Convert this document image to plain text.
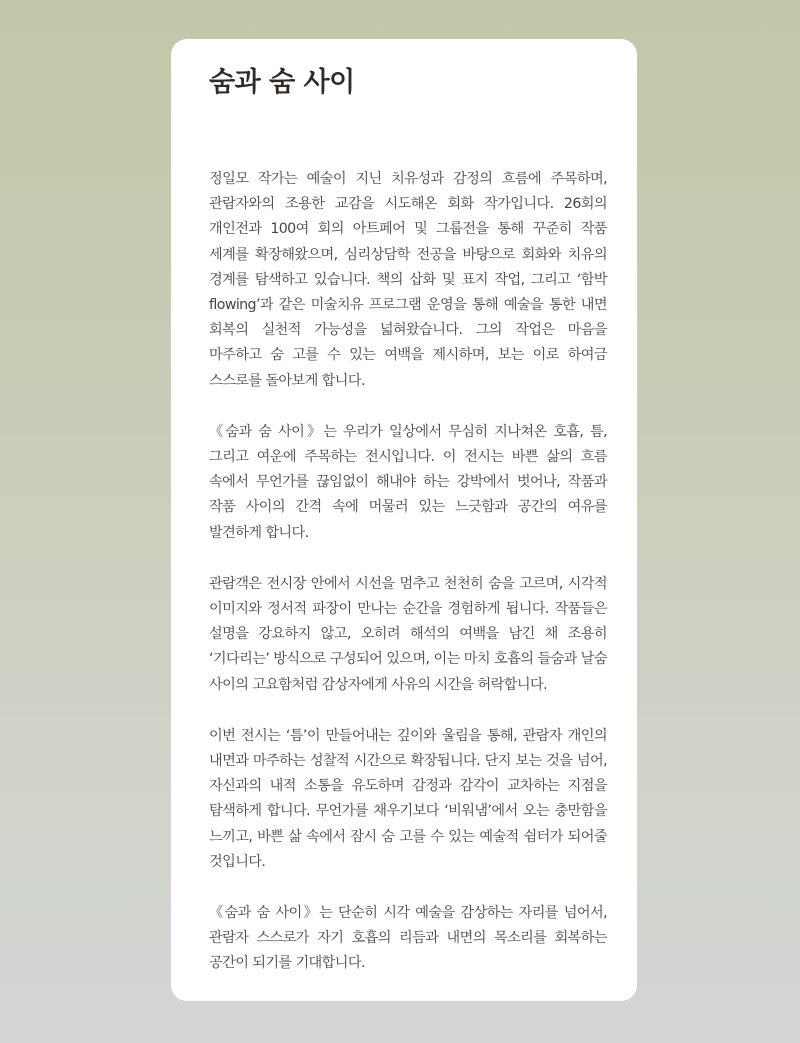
숨과 숨 사이

정일모 작가는 예술이 지닌 치유성과 감정의 흐름에 주목하며, 관람자와의 조용한 교감을 시도해온 회화 작가입니다. 26회의 개인전과 100여 회의 아트페어 및 그룹전을 통해 꾸준히 작품 세계를 확장해왔으며, 심리상담학 전공을 바탕으로 회화와 치유의 경계를 탐색하고 있습니다. 책의 삽화 및 표지 작업, 그리고 ‘함박 flowing’과 같은 미술치유 프로그램 운영을 통해 예술을 통한 내면 회복의 실천적 가능성을 넓혀왔습니다. 그의 작업은 마음을 마주하고 숨 고를 수 있는 여백을 제시하며, 보는 이로 하여금 스스로를 돌아보게 합니다.

《숨과 숨 사이》는 우리가 일상에서 무심히 지나쳐온 호흡, 틈, 그리고 여운에 주목하는 전시입니다. 이 전시는 바쁜 삶의 흐름 속에서 무언가를 끊임없이 해내야 하는 강박에서 벗어나, 작품과 작품 사이의 간격 속에 머물러 있는 느긋함과 공간의 여유를 발견하게 합니다.

관람객은 전시장 안에서 시선을 멈추고 천천히 숨을 고르며, 시각적 이미지와 정서적 파장이 만나는 순간을 경험하게 됩니다. 작품들은 설명을 강요하지 않고, 오히려 해석의 여백을 남긴 채 조용히 ‘기다리는’ 방식으로 구성되어 있으며, 이는 마치 호흡의 들숨과 날숨 사이의 고요함처럼 감상자에게 사유의 시간을 허락합니다.

이번 전시는 ‘틈’이 만들어내는 깊이와 울림을 통해, 관람자 개인의 내면과 마주하는 성찰적 시간으로 확장됩니다. 단지 보는 것을 넘어, 자신과의 내적 소통을 유도하며 감정과 감각이 교차하는 지점을 탐색하게 합니다. 무언가를 채우기보다 ‘비워냄’에서 오는 충만함을 느끼고, 바쁜 삶 속에서 잠시 숨 고를 수 있는 예술적 쉼터가 되어줄 것입니다.

《숨과 숨 사이》는 단순히 시각 예술을 감상하는 자리를 넘어서, 관람자 스스로가 자기 호흡의 리듬과 내면의 목소리를 회복하는 공간이 되기를 기대합니다.
